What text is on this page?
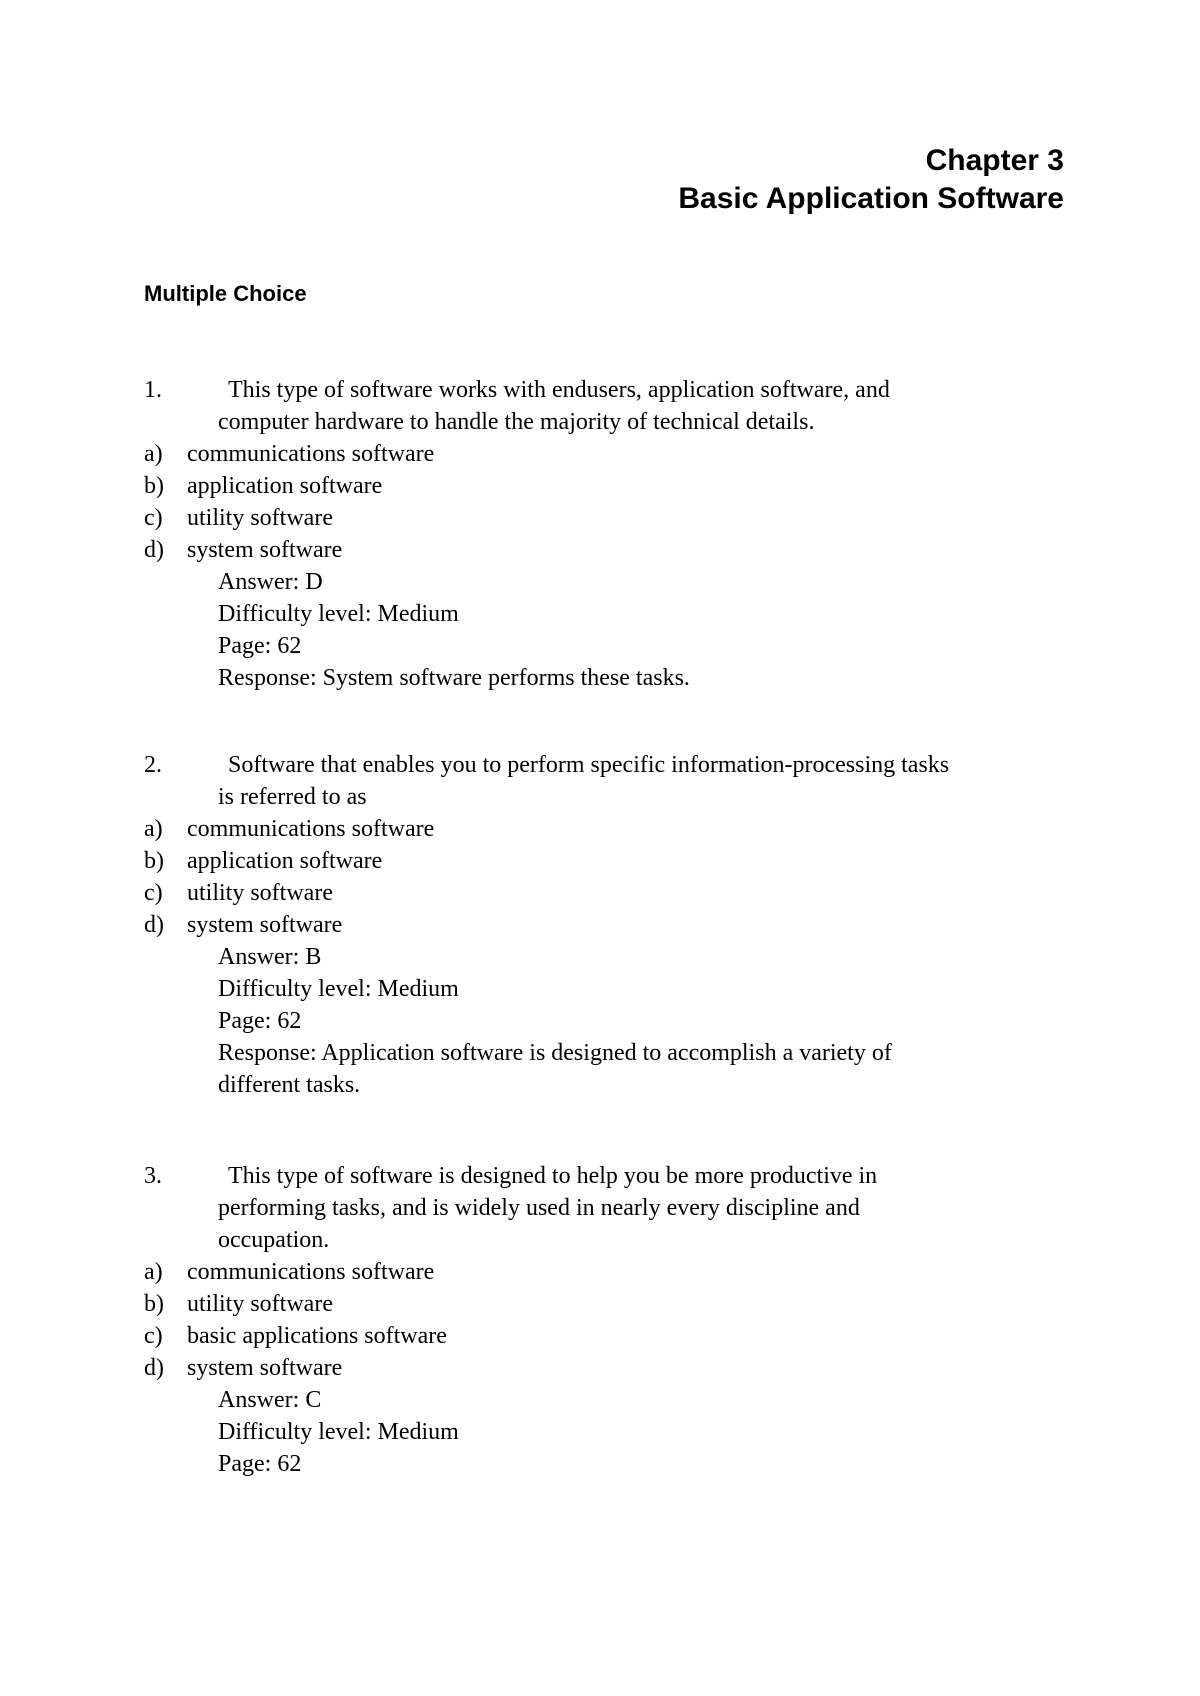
Chapter 3
Basic Application Software
Multiple Choice
1.	This type of software works with endusers, application software, and
computer hardware to handle the majority of technical details.
a) communications software
b) application software
c) utility software
d) system software
Answer: D
Difficulty level: Medium
Page: 62
Response: System software performs these tasks.
2.	Software that enables you to perform specific information-processing tasks
is referred to as
a) communications software
b) application software
c) utility software
d) system software
Answer: B
Difficulty level: Medium
Page: 62
Response: Application software is designed to accomplish a variety of
different tasks.
3.	This type of software is designed to help you be more productive in
performing tasks, and is widely used in nearly every discipline and
occupation.
a) communications software
b) utility software
c) basic applications software
d) system software
Answer: C
Difficulty level: Medium
Page: 62
